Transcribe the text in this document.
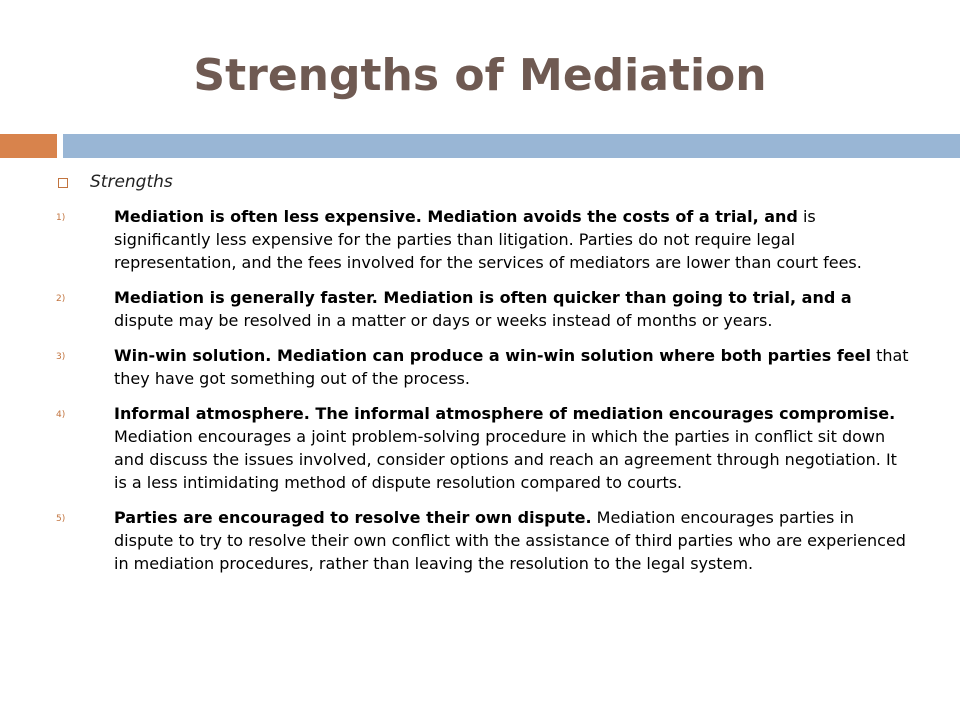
Strengths of Mediation
Strengths
1)	Mediation is often less expensive. Mediation avoids the costs of a trial, and is significantly less expensive for the parties than litigation. Parties do not require legal representation, and the fees involved for the services of mediators are lower than court fees.
2)	Mediation is generally faster. Mediation is often quicker than going to trial, and a dispute may be resolved in a matter or days or weeks instead of months or years.
3)	Win-win solution. Mediation can produce a win-win solution where both parties feel that they have got something out of the process.
4)	Informal atmosphere. The informal atmosphere of mediation encourages compromise. Mediation encourages a joint problem-solving procedure in which the parties in conflict sit down and discuss the issues involved, consider options and reach an agreement through negotiation. It is a less intimidating method of dispute resolution compared to courts.
5)	Parties are encouraged to resolve their own dispute. Mediation encourages parties in dispute to try to resolve their own conflict with the assistance of third parties who are experienced in mediation procedures, rather than leaving the resolution to the legal system.
